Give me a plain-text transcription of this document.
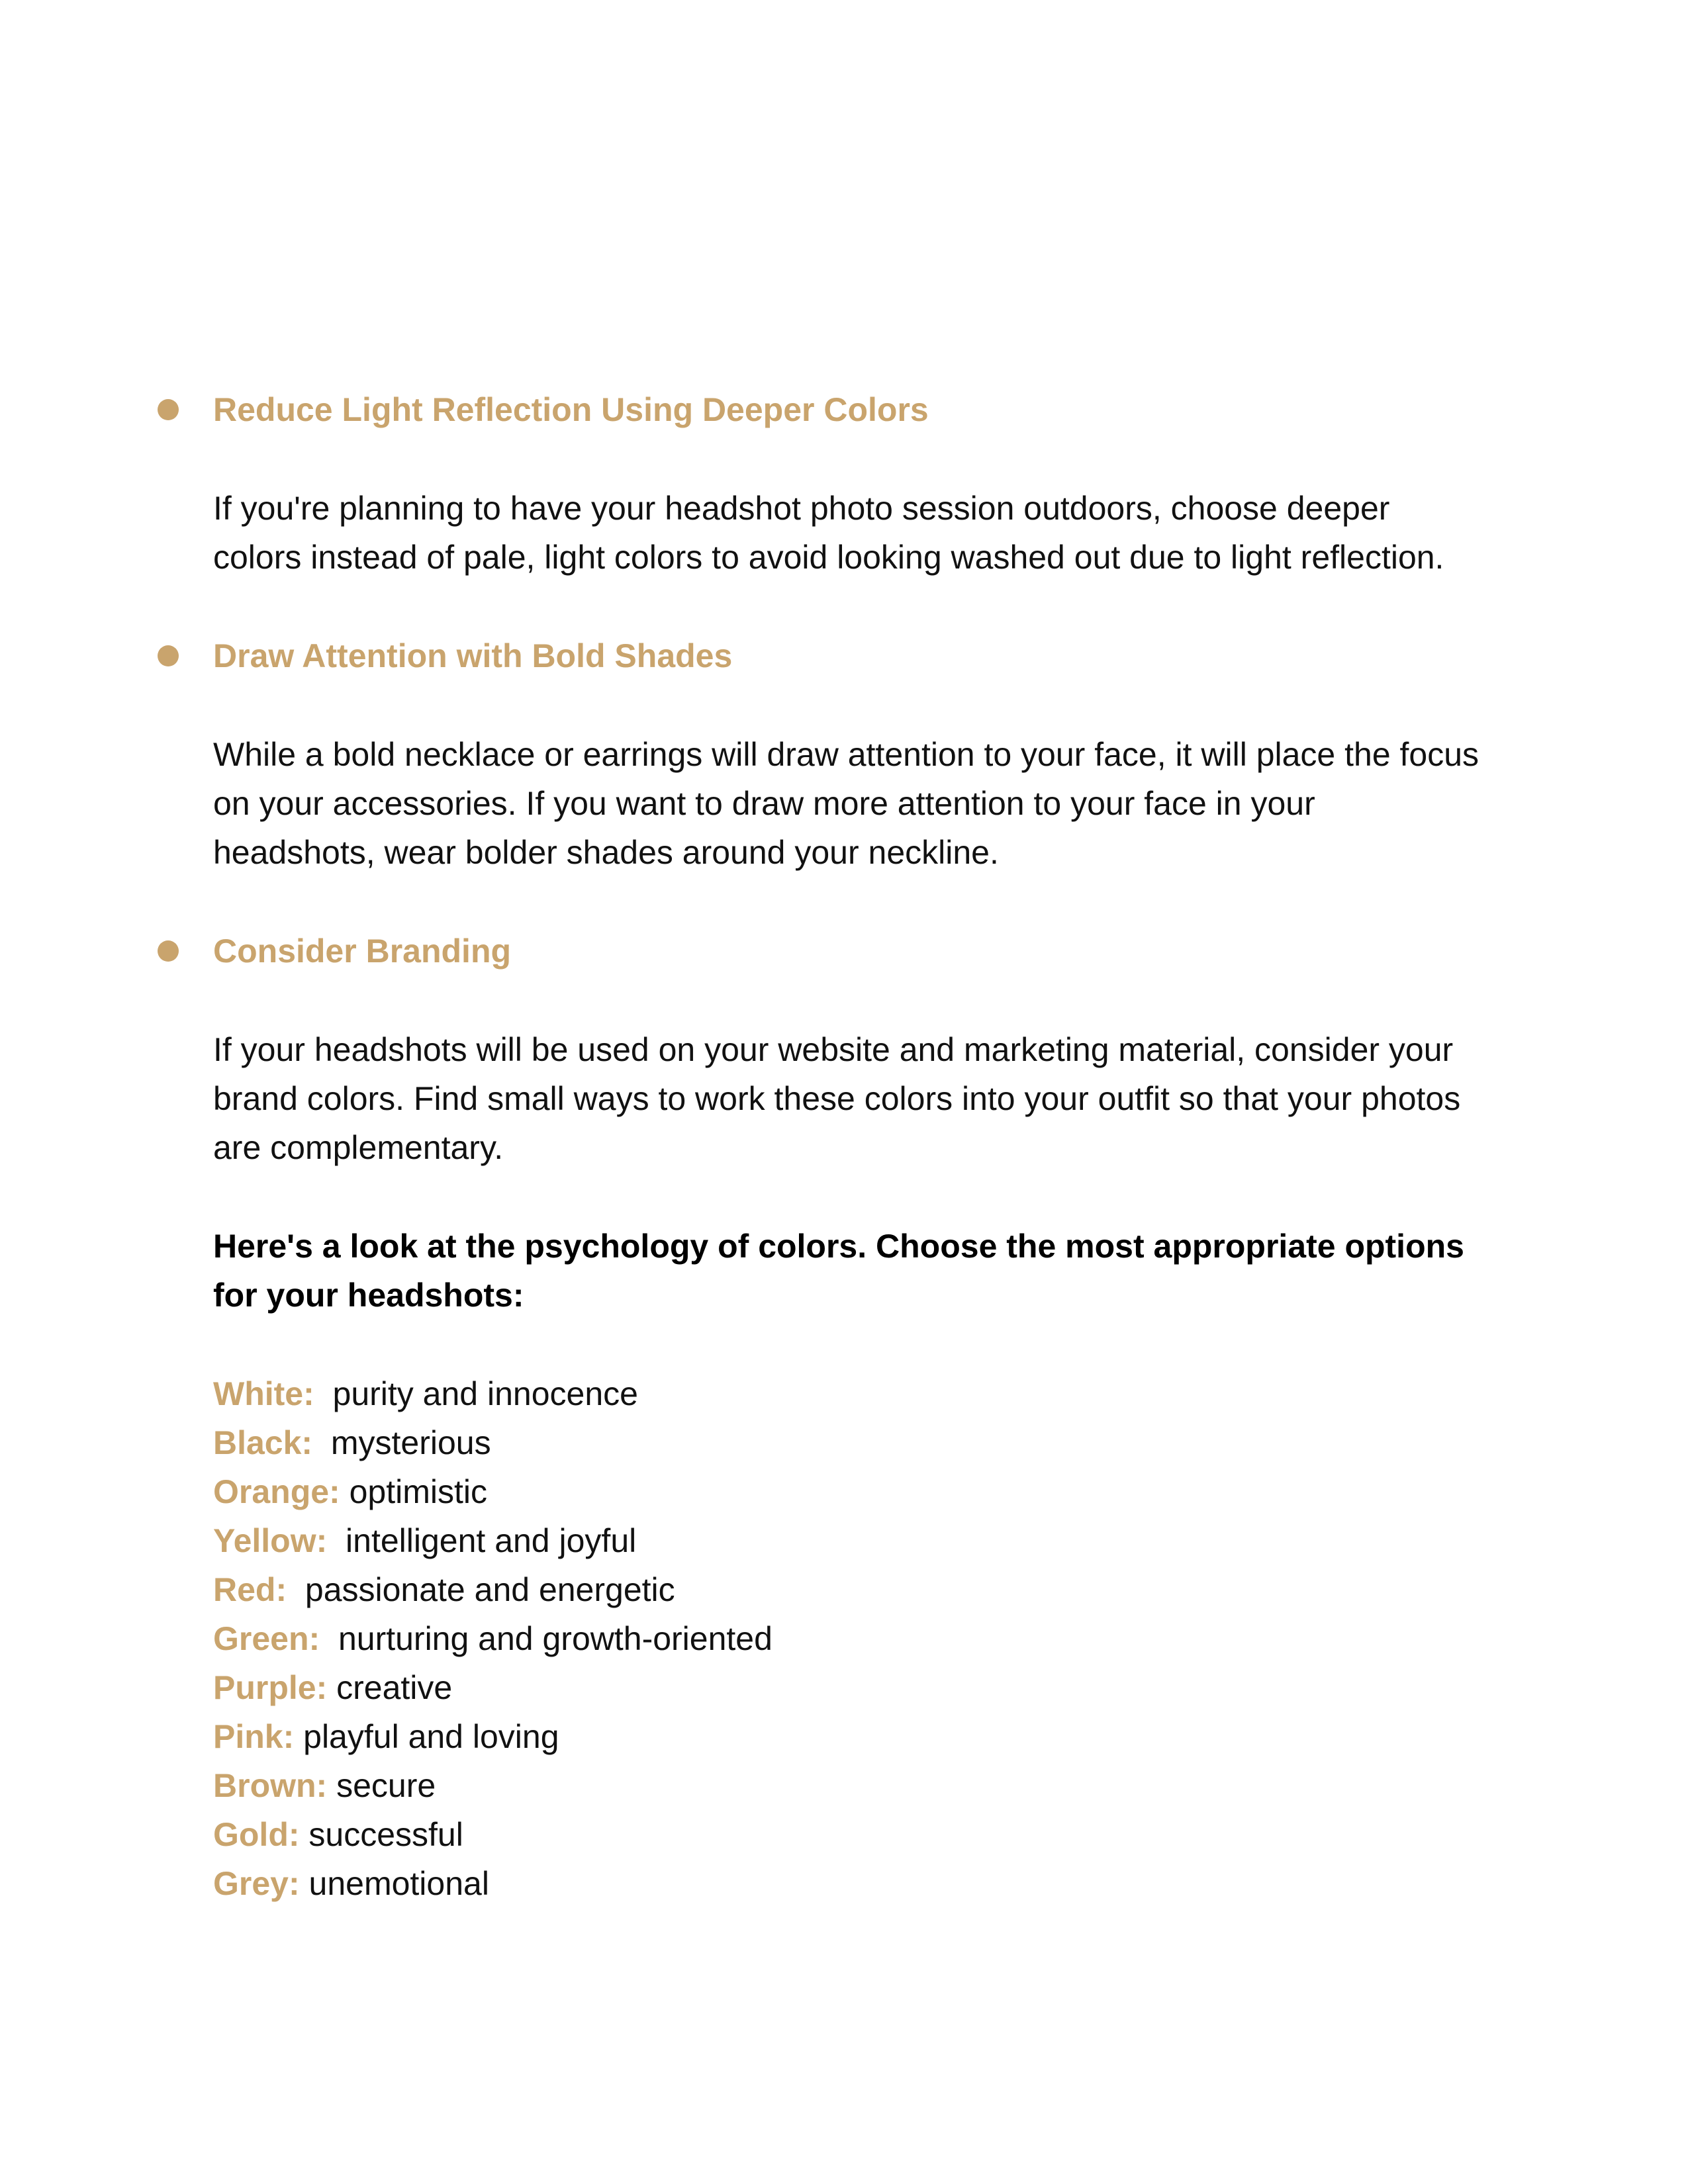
Reduce Light Reflection Using Deeper Colors

If you're planning to have your headshot photo session outdoors, choose deeper colors instead of pale, light colors to avoid looking washed out due to light reflection.

Draw Attention with Bold Shades

While a bold necklace or earrings will draw attention to your face, it will place the focus on your accessories. If you want to draw more attention to your face in your headshots, wear bolder shades around your neckline.

Consider Branding

If your headshots will be used on your website and marketing material, consider your brand colors. Find small ways to work these colors into your outfit so that your photos are complementary.

Here's a look at the psychology of colors. Choose the most appropriate options for your headshots:

White:  purity and innocence
Black:  mysterious
Orange: optimistic
Yellow:  intelligent and joyful
Red:  passionate and energetic
Green:  nurturing and growth-oriented
Purple: creative
Pink: playful and loving
Brown: secure
Gold: successful
Grey: unemotional
